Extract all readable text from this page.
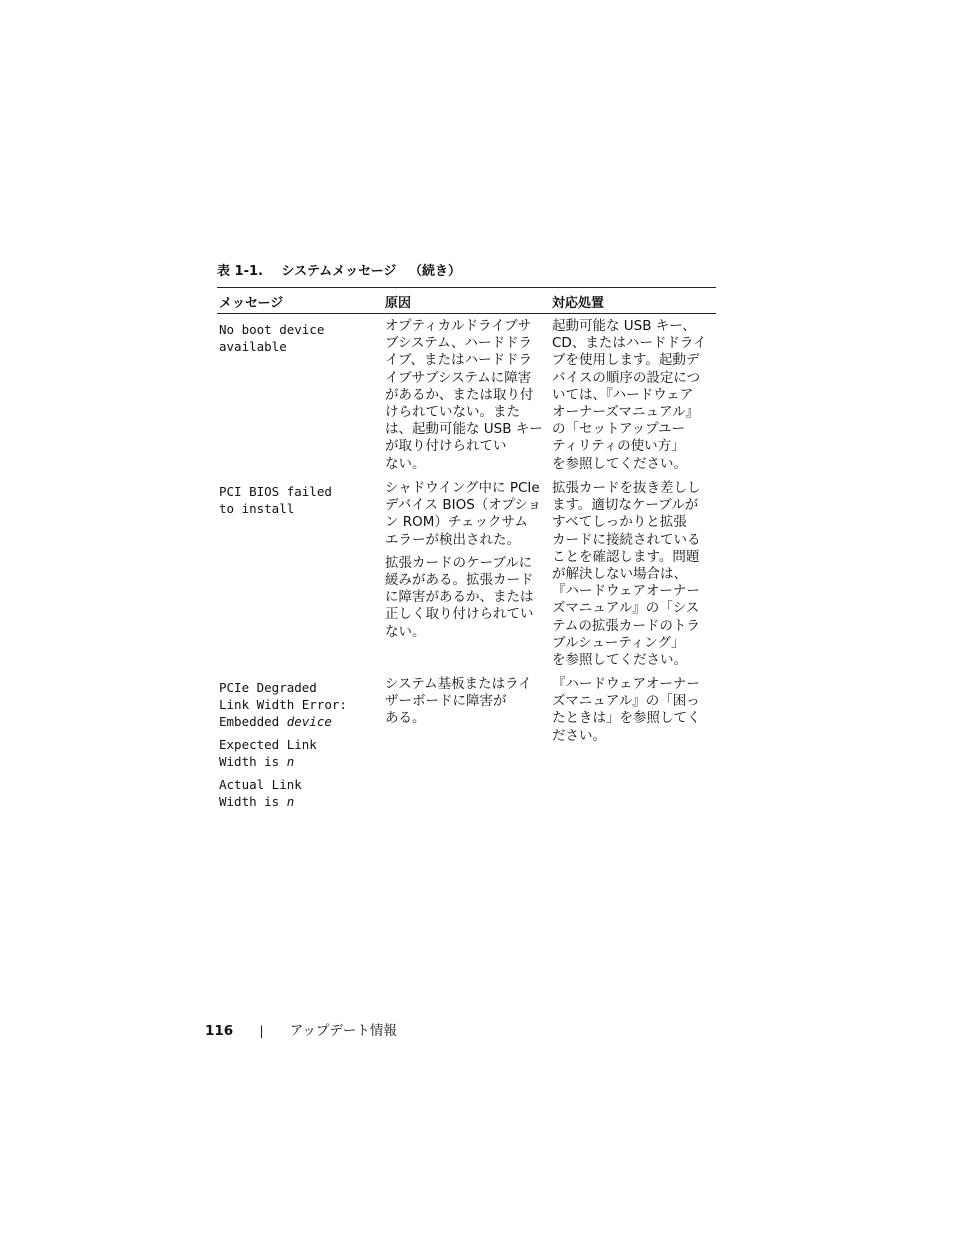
表 1-1. システムメッセージ （続き）
メッセージ	原因	対応処置
No boot device
available
オプティカルドライブサ
ブシステム、ハードドラ
イブ、またはハードドラ
イブサブシステムに障害
があるか、または取り付
けられていない。また
は、起動可能な USB キー
が取り付けられてい
ない。
起動可能な USB キー、
CD、またはハードドライ
ブを使用します。起動デ
バイスの順序の設定につ
いては、『ハードウェア
オーナーズマニュアル』
の「セットアップユー
ティリティの使い方」
を参照してください。
PCI BIOS failed
to install
シャドウイング中に PCIe
デバイス BIOS（オプショ
ン ROM）チェックサム
エラーが検出された。
拡張カードのケーブルに
緩みがある。拡張カード
に障害があるか、または
正しく取り付けられてい
ない。
拡張カードを抜き差しし
ます。適切なケーブルが
すべてしっかりと拡張
カードに接続されている
ことを確認します。問題
が解決しない場合は、
『ハードウェアオーナー
ズマニュアル』の「シス
テムの拡張カードのトラ
ブルシューティング」
を参照してください。
PCIe Degraded
Link Width Error:
Embedded device
Expected Link
Width is n
Actual Link
Width is n
システム基板またはライ
ザーボードに障害が
ある。
『ハードウェアオーナー
ズマニュアル』の「困っ
たときは」を参照してく
ださい。
116 | アップデート情報
